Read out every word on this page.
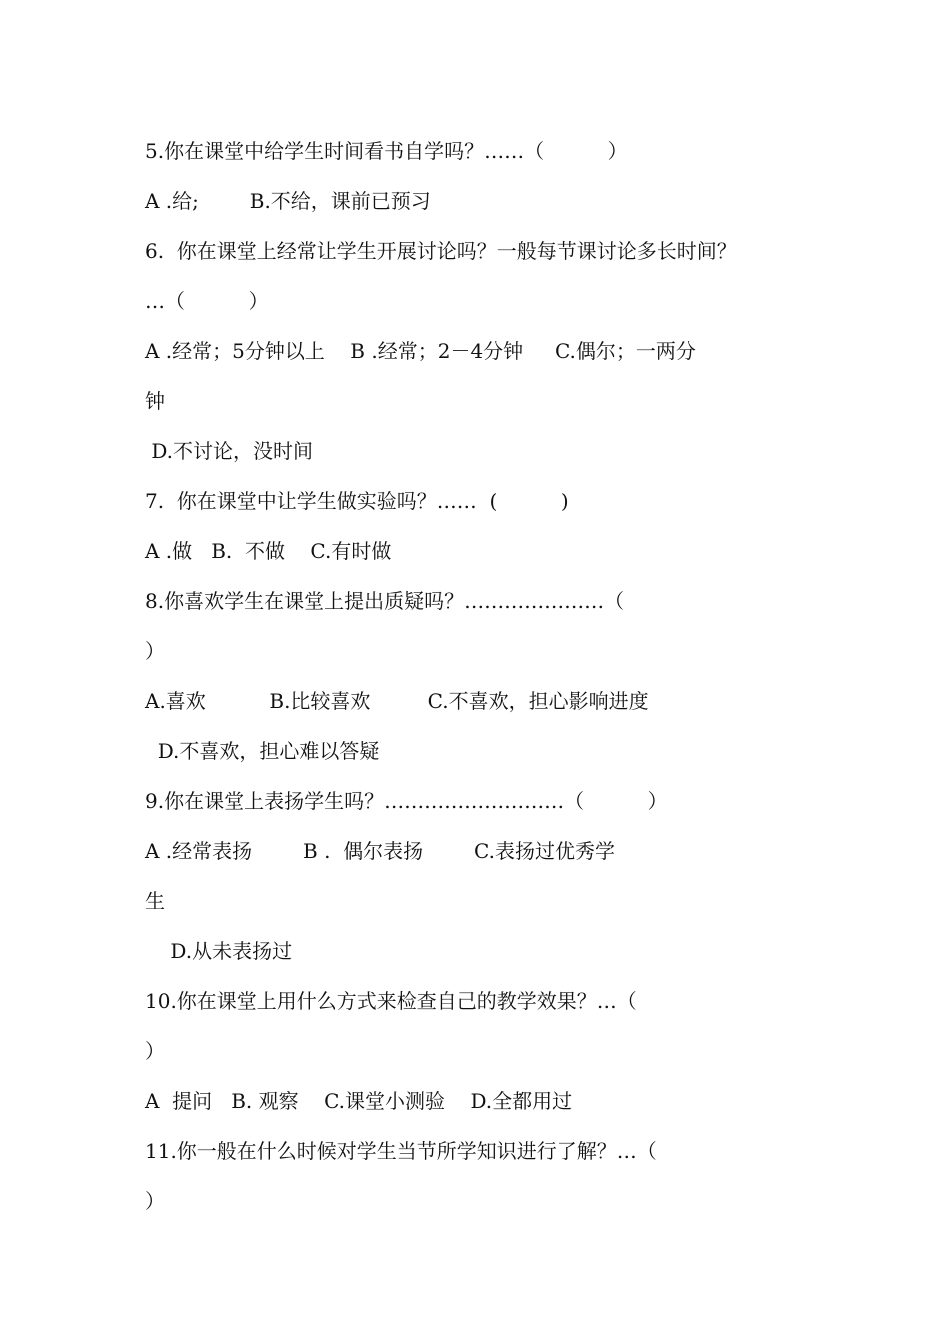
5.你在课堂中给学生时间看书自学吗？……（          ）
A .给;        B.不给，课前已预习
6.  你在课堂上经常让学生开展讨论吗？一般每节课讨论多长时间？
…（          ）
A .经常；5分钟以上    B .经常；2－4分钟     C.偶尔；一两分
钟
D.不讨论，没时间
7.  你在课堂中让学生做实验吗？……  (          )
A .做   B.  不做    C.有时做
8.你喜欢学生在课堂上提出质疑吗？…………………（
）
A.喜欢          B.比较喜欢         C.不喜欢，担心影响进度
D.不喜欢，担心难以答疑
9.你在课堂上表扬学生吗？………………………（          ）
A .经常表扬        B .  偶尔表扬        C.表扬过优秀学
生
D.从未表扬过
10.你在课堂上用什么方式来检查自己的教学效果？…（
）
A  提问   B. 观察    C.课堂小测验    D.全都用过
11.你一般在什么时候对学生当节所学知识进行了解？…（
）
